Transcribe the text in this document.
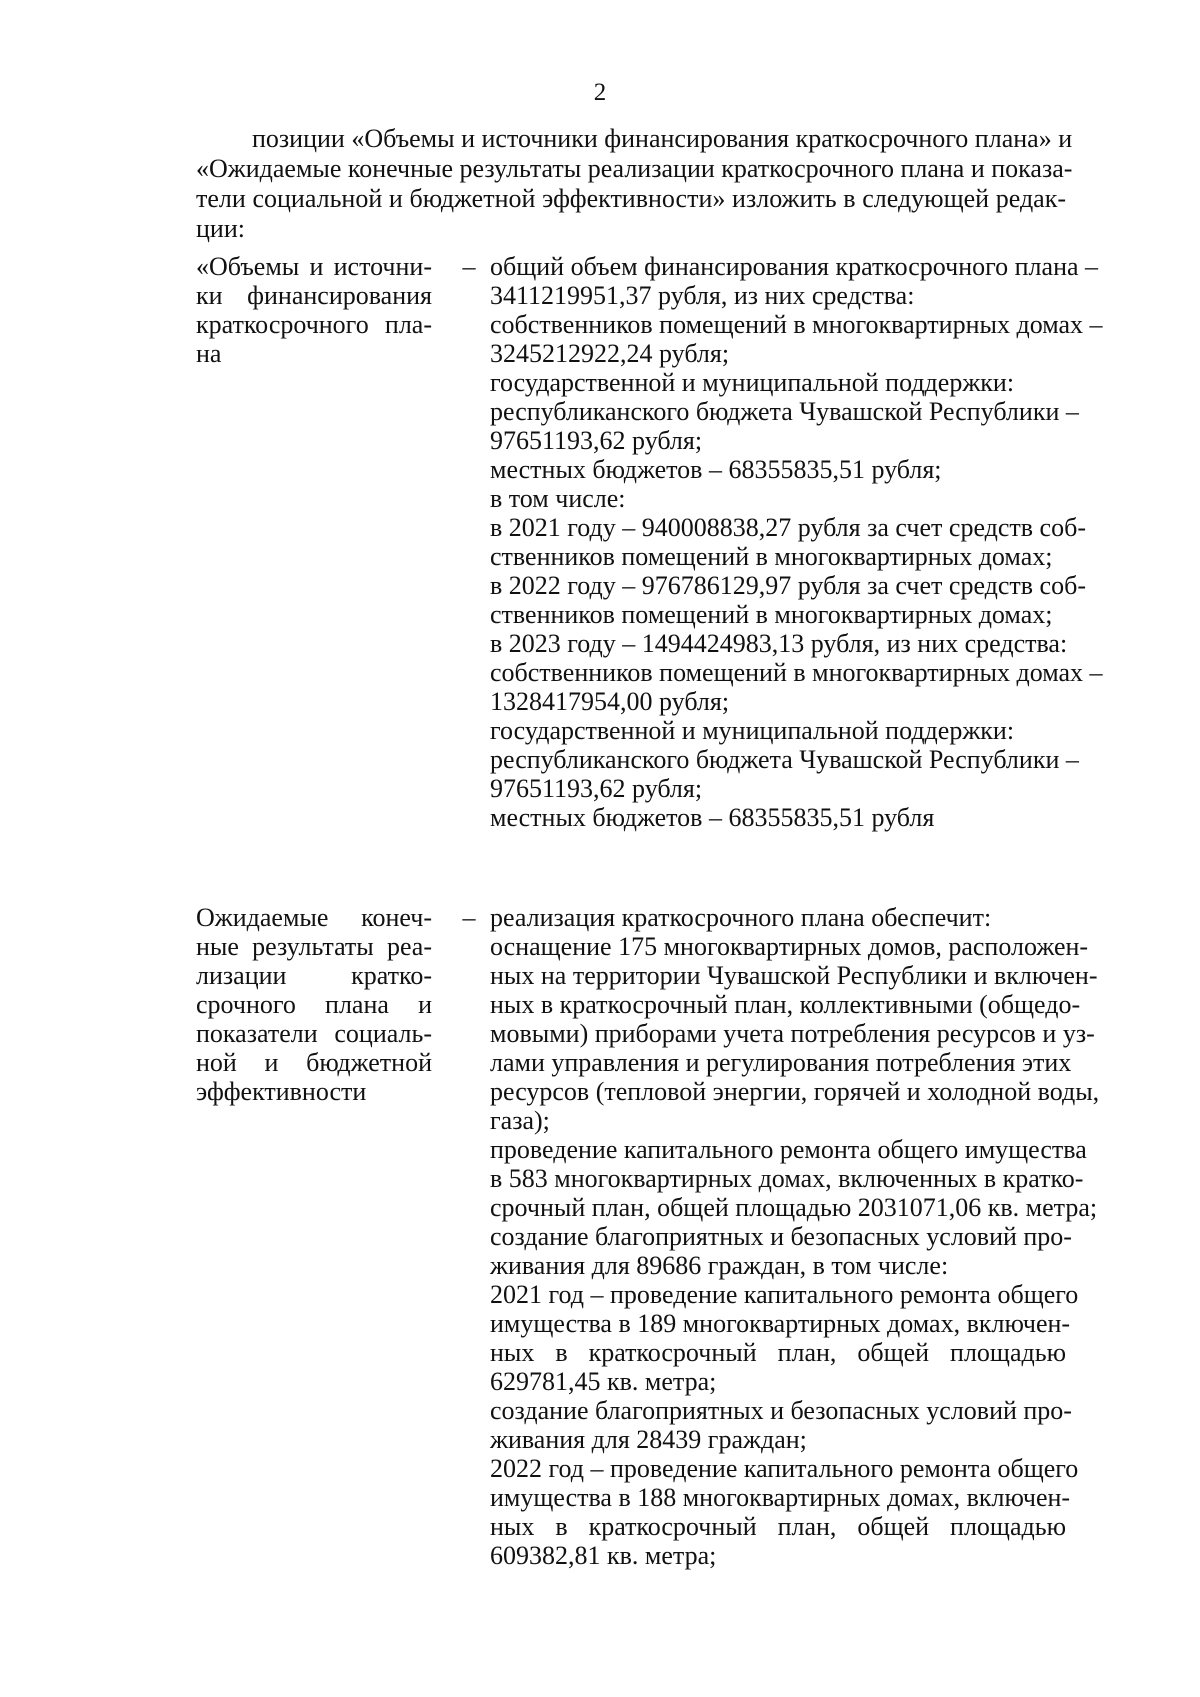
2
позиции «Объемы и источники финансирования краткосрочного плана» и
«Ожидаемые конечные результаты реализации краткосрочного плана и показа-
тели социальной и бюджетной эффективности» изложить в следующей редак-
ции:
«Объемы и источни-
ки финансирования
краткосрочного пла-
на
– общий объем финансирования краткосрочного плана –
3411219951,37 рубля, из них средства:
собственников помещений в многоквартирных домах –
3245212922,24 рубля;
государственной и муниципальной поддержки:
республиканского бюджета Чувашской Республики –
97651193,62 рубля;
местных бюджетов – 68355835,51 рубля;
в том числе:
в 2021 году – 940008838,27 рубля за счет средств соб-
ственников помещений в многоквартирных домах;
в 2022 году – 976786129,97 рубля за счет средств соб-
ственников помещений в многоквартирных домах;
в 2023 году – 1494424983,13 рубля, из них средства:
собственников помещений в многоквартирных домах –
1328417954,00 рубля;
государственной и муниципальной поддержки:
республиканского бюджета Чувашской Республики –
97651193,62 рубля;
местных бюджетов – 68355835,51 рубля
Ожидаемые конеч-
ные результаты реа-
лизации кратко-
срочного плана и
показатели социаль-
ной и бюджетной
эффективности
– реализация краткосрочного плана обеспечит:
оснащение 175 многоквартирных домов, расположен-
ных на территории Чувашской Республики и включен-
ных в краткосрочный план, коллективными (общедо-
мовыми) приборами учета потребления ресурсов и уз-
лами управления и регулирования потребления этих
ресурсов (тепловой энергии, горячей и холодной воды,
газа);
проведение капитального ремонта общего имущества
в 583 многоквартирных домах, включенных в кратко-
срочный план, общей площадью 2031071,06 кв. метра;
создание благоприятных и безопасных условий про-
живания для 89686 граждан, в том числе:
2021 год – проведение капитального ремонта общего
имущества в 189 многоквартирных домах, включен-
ных в краткосрочный план, общей площадью
629781,45 кв. метра;
создание благоприятных и безопасных условий про-
живания для 28439 граждан;
2022 год – проведение капитального ремонта общего
имущества в 188 многоквартирных домах, включен-
ных в краткосрочный план, общей площадью
609382,81 кв. метра;
